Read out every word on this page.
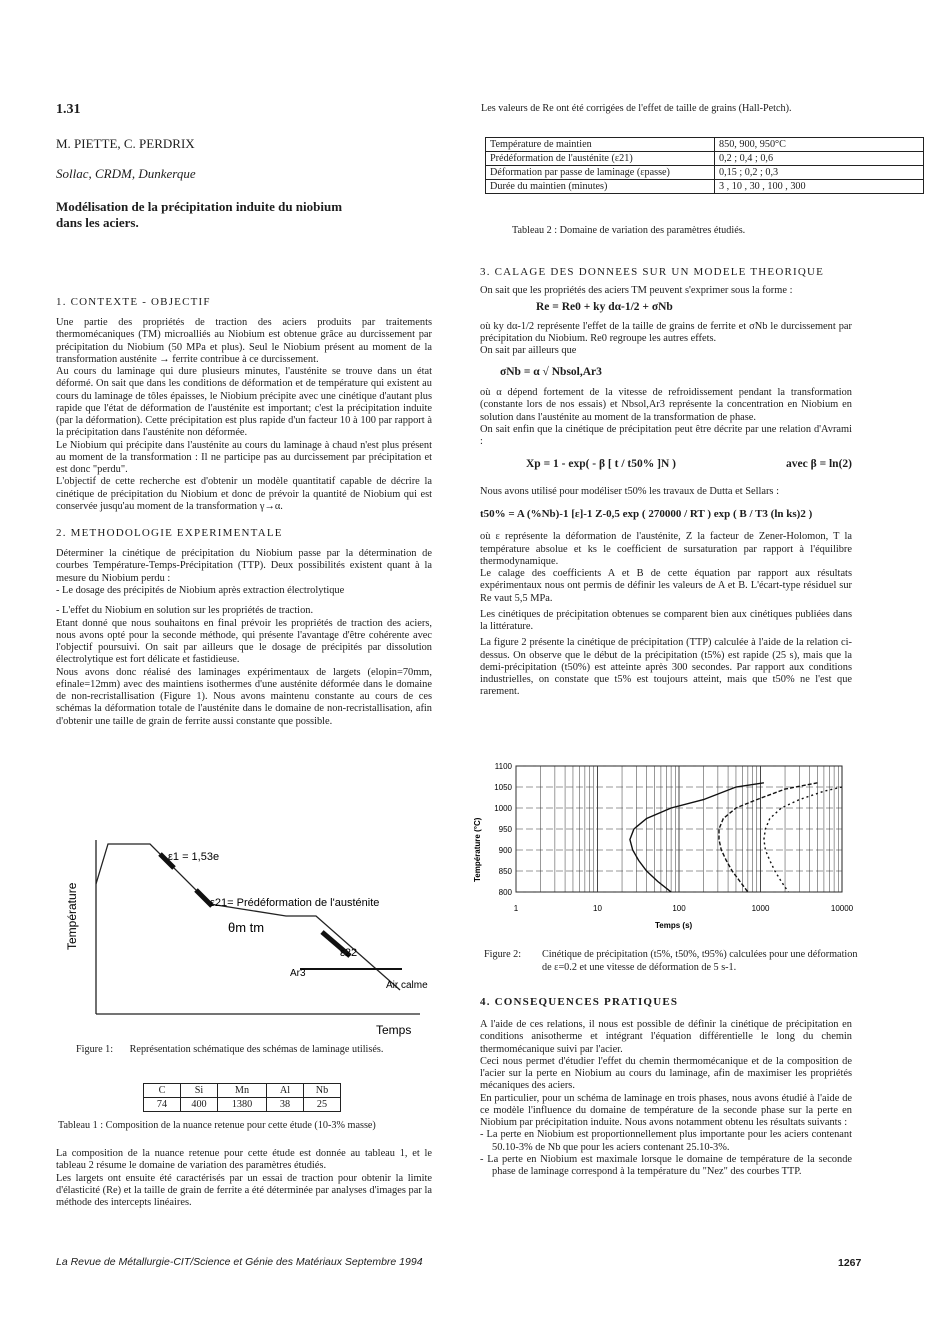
1.31
M. PIETTE, C. PERDRIX
Sollac, CRDM, Dunkerque
Modélisation de la précipitation induite du niobium
dans les aciers.

1. CONTEXTE - OBJECTIF

Une partie des propriétés de traction des aciers produits par traitements thermomécaniques (TM) microalliés au Niobium est obtenue grâce au durcissement par précipitation du Niobium (50 MPa et plus). Seul le Niobium présent au moment de la transformation austénite → ferrite contribue à ce durcissement.

Au cours du laminage qui dure plusieurs minutes, l'austénite se trouve dans un état déformé. On sait que dans les conditions de déformation et de température qui existent au cours du laminage de tôles épaisses, le Niobium précipite avec une cinétique d'autant plus rapide que l'état de déformation de l'austénite est important; c'est la précipitation induite (par la déformation). Cette précipitation est plus rapide d'un facteur 10 à 100 par rapport à la précipitation dans l'austénite non déformée.

Le Niobium qui précipite dans l'austénite au cours du laminage à chaud n'est plus présent au moment de la transformation : Il ne participe pas au durcissement par précipitation et est donc "perdu".

L'objectif de cette recherche est d'obtenir un modèle quantitatif capable de décrire la cinétique de précipitation du Niobium et donc de prévoir la quantité de Niobium qui est conservée jusqu'au moment de la transformation γ→α.

2. METHODOLOGIE EXPERIMENTALE

Déterminer la cinétique de précipitation du Niobium passe par la détermination de courbes Température-Temps-Précipitation (TTP). Deux possibilités existent quant à la mesure du Niobium perdu :

- Le dosage des précipités de Niobium après extraction électrolytique

- L'effet du Niobium en solution sur les propriétés de traction.

Etant donné que nous souhaitons en final prévoir les propriétés de traction des aciers, nous avons opté pour la seconde méthode, qui présente l'avantage d'être cohérente avec l'objectif poursuivi. On sait par ailleurs que le dosage de précipités par dissolution électrolytique est fort délicate et fastidieuse.

Nous avons donc réalisé des laminages expérimentaux de largets (elopin=70mm, efinale=12mm) avec des maintiens isothermes d'une austénite déformée dans le domaine de non-recristallisation (Figure 1). Nous avons maintenu constante au cours de ces schémas la déformation totale de l'austénite dans le domaine de non-recristallisation, afin d'obtenir une taille de grain de ferrite aussi constante que possible.

Température
ε1 = 1,53e
ε21= Prédéformation de l'austénite
θm tm
ε22
Ar3
Air calme
Temps
Figure 1: Représentation schématique des schémas de laminage utilisés.
C	Si	Mn	Al	Nb
74	400	1380	38	25
Tableau 1 : Composition de la nuance retenue pour cette étude (10-3% masse)

La composition de la nuance retenue pour cette étude est donnée au tableau 1, et le tableau 2 résume le domaine de variation des paramètres étudiés.

Les largets ont ensuite été caractérisés par un essai de traction pour obtenir la limite d'élasticité (Re) et la taille de grain de ferrite a été déterminée par analyses d'images par la méthode des intercepts linéaires.

Les valeurs de Re ont été corrigées de l'effet de taille de grains (Hall-Petch).
Température de maintien	850, 900, 950°C
Prédéformation de l'austénite (ε21)	0,2 ; 0,4 ; 0,6
Déformation par passe de laminage (εpasse)	0,15 ; 0,2 ; 0,3
Durée du maintien (minutes)	3 , 10 , 30 , 100 , 300
Tableau 2 : Domaine de variation des paramètres étudiés.

3. CALAGE DES DONNEES SUR UN MODELE THEORIQUE

On sait que les propriétés des aciers TM peuvent s'exprimer sous la forme :

Re = Re0 + ky dα-1/2 + σNb

où ky dα-1/2 représente l'effet de la taille de grains de ferrite et σNb le durcissement par précipitation du Niobium. Re0 regroupe les autres effets.

On sait par ailleurs que

σNb = α √ Nbsol,Ar3

où α dépend fortement de la vitesse de refroidissement pendant la transformation (constante lors de nos essais) et Nbsol,Ar3 représente la concentration en Niobium en solution dans l'austénite au moment de la transformation de phase.

On sait enfin que la cinétique de précipitation peut être décrite par une relation d'Avrami :

Xp = 1 - exp( - β [ t / t50% ]N )	avec β = ln(2)

Nous avons utilisé pour modéliser t50% les travaux de Dutta et Sellars :

t50% = A (%Nb)-1 [ε]-1 Z-0,5 exp ( 270000 / RT ) exp ( B / T3 (ln ks)2 )

où ε représente la déformation de l'austénite, Z la facteur de Zener-Holomon, T la température absolue et ks le coefficient de sursaturation par rapport à l'équilibre thermodynamique.

Le calage des coefficients A et B de cette équation par rapport aux résultats expérimentaux nous ont permis de définir les valeurs de A et B. L'écart-type résiduel sur Re vaut 5,5 MPa.

Les cinétiques de précipitation obtenues se comparent bien aux cinétiques publiées dans la littérature.

La figure 2 présente la cinétique de précipitation (TTP) calculée à l'aide de la relation ci-dessus. On observe que le début de la précipitation (t5%) est rapide (25 s), mais que la demi-précipitation (t50%) est atteinte après 300 secondes. Par rapport aux conditions industrielles, on constate que t5% est toujours atteint, mais que t50% ne l'est que rarement.

800
850
900
950
1000
1050
1100
1	10	100	1000	10000
Température (°C)
Temps (s)
Figure 2:	Cinétique de précipitation (t5%, t50%, t95%) calculées pour une déformation de ε=0.2 et une vitesse de déformation de 5 s-1.

4. CONSEQUENCES PRATIQUES

A l'aide de ces relations, il nous est possible de définir la cinétique de précipitation en conditions anisotherme et intégrant l'équation différentielle le long du chemin thermomécanique suivi par l'acier.

Ceci nous permet d'étudier l'effet du chemin thermomécanique et de la composition de l'acier sur la perte en Niobium au cours du laminage, afin de maximiser les propriétés mécaniques des aciers.

En particulier, pour un schéma de laminage en trois phases, nous avons étudié à l'aide de ce modèle l'influence du domaine de température de la seconde phase sur la perte en Niobium par précipitation induite. Nous avons notamment obtenu les résultats suivants :

- La perte en Niobium est proportionnellement plus importante pour les aciers contenant 50.10-3% de Nb que pour les aciers contenant 25.10-3%.

- La perte en Niobium est maximale lorsque le domaine de température de la seconde phase de laminage correspond à la température du "Nez" des courbes TTP.

La Revue de Métallurgie-CIT/Science et Génie des Matériaux Septembre 1994	1267
